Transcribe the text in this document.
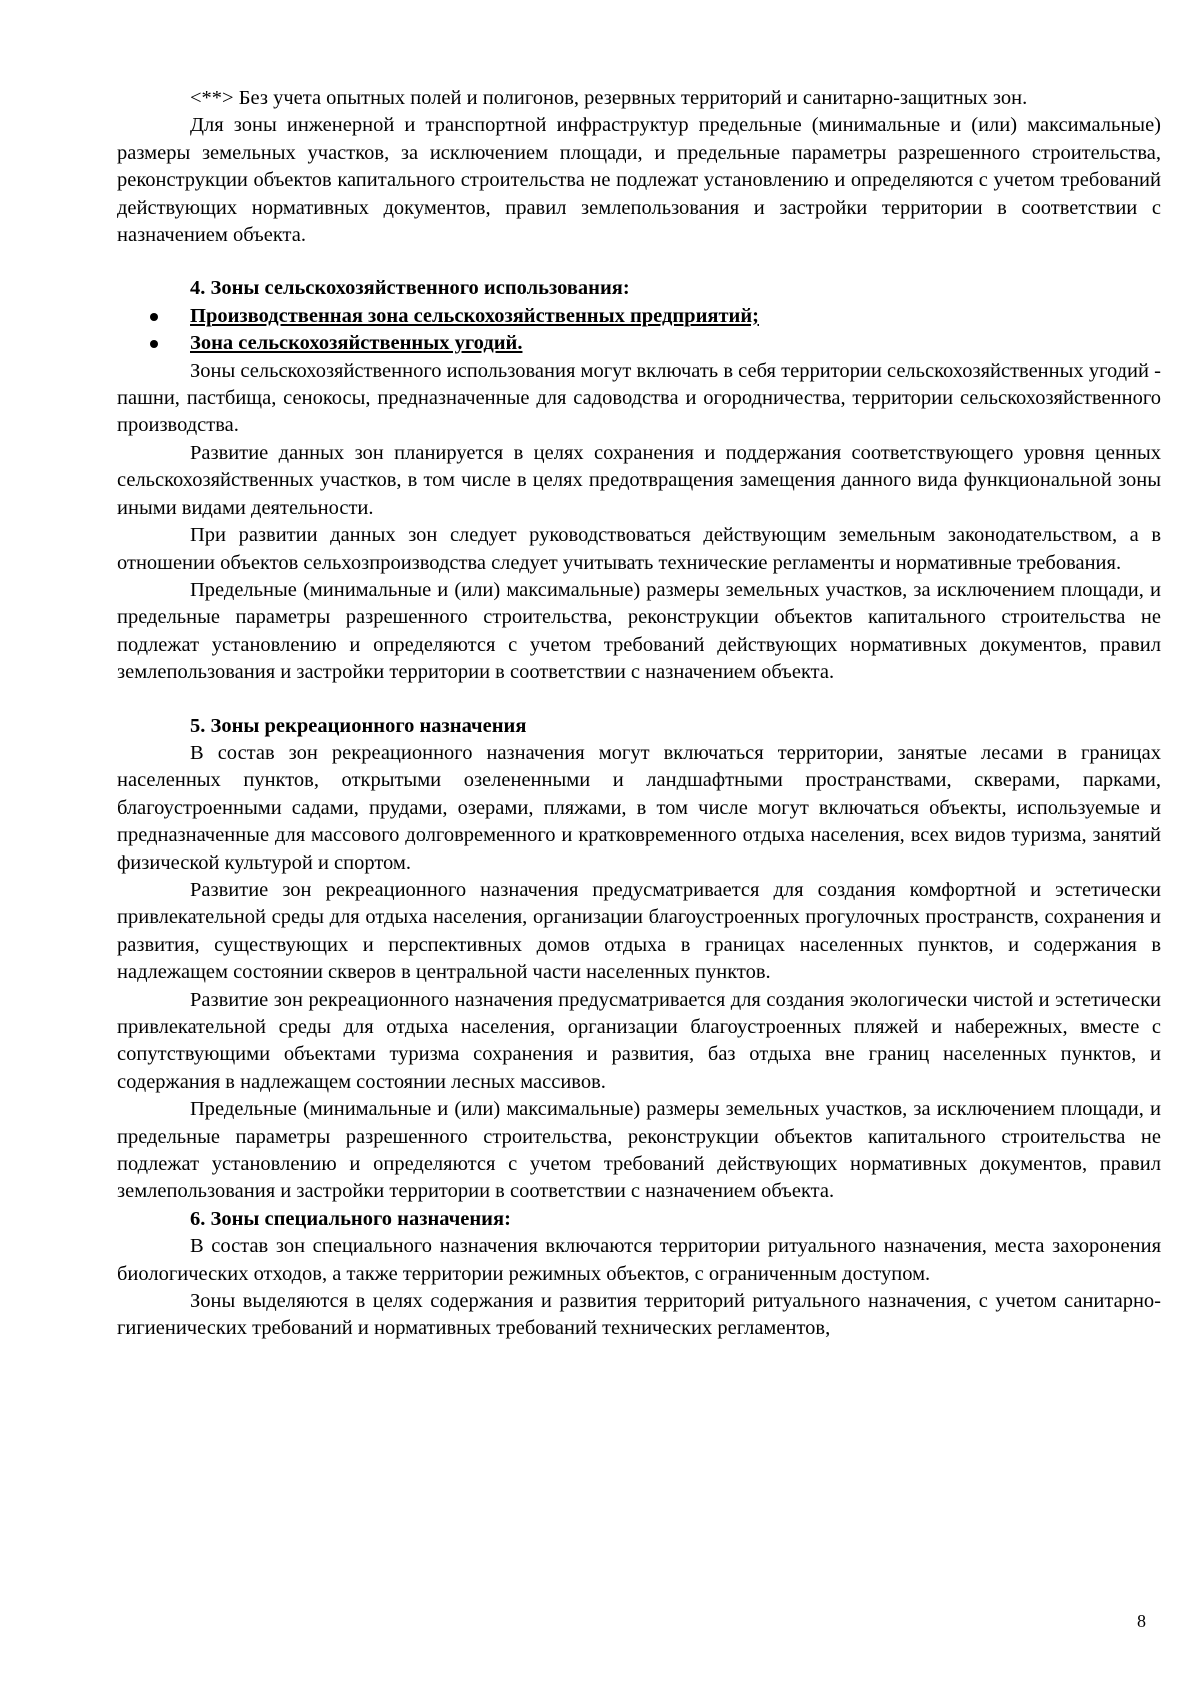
<**> Без учета опытных полей и полигонов, резервных территорий и санитарно-защитных зон.

Для зоны инженерной и транспортной инфраструктур предельные (минимальные и (или) максимальные) размеры земельных участков, за исключением площади, и предельные параметры разрешенного строительства, реконструкции объектов капитального строительства не подлежат установлению и определяются с учетом требований действующих нормативных документов, правил землепользования и застройки территории в соответствии с назначением объекта.

4. Зоны сельскохозяйственного использования:

Производственная зона сельскохозяйственных предприятий;
Зона сельскохозяйственных угодий.

Зоны сельскохозяйственного использования могут включать в себя территории сельскохозяйственных угодий - пашни, пастбища, сенокосы, предназначенные для садоводства и огородничества, территории сельскохозяйственного производства.

Развитие данных зон планируется в целях сохранения и поддержания соответствующего уровня ценных сельскохозяйственных участков, в том числе в целях предотвращения замещения данного вида функциональной зоны иными видами деятельности.

При развитии данных зон следует руководствоваться действующим земельным законодательством, а в отношении объектов сельхозпроизводства следует учитывать технические регламенты и нормативные требования.

Предельные (минимальные и (или) максимальные) размеры земельных участков, за исключением площади, и предельные параметры разрешенного строительства, реконструкции объектов капитального строительства не подлежат установлению и определяются с учетом требований действующих нормативных документов, правил землепользования и застройки территории в соответствии с назначением объекта.

5. Зоны рекреационного назначения

В состав зон рекреационного назначения могут включаться территории, занятые лесами в границах населенных пунктов, открытыми озелененными и ландшафтными пространствами, скверами, парками, благоустроенными садами, прудами, озерами, пляжами, в том числе могут включаться объекты, используемые и предназначенные для массового долговременного и кратковременного отдыха населения, всех видов туризма, занятий физической культурой и спортом.

Развитие зон рекреационного назначения предусматривается для создания комфортной и эстетически привлекательной среды для отдыха населения, организации благоустроенных прогулочных пространств, сохранения и развития, существующих и перспективных домов отдыха в границах населенных пунктов, и содержания в надлежащем состоянии скверов в центральной части населенных пунктов.

Развитие зон рекреационного назначения предусматривается для создания экологически чистой и эстетически привлекательной среды для отдыха населения, организации благоустроенных пляжей и набережных, вместе с сопутствующими объектами туризма сохранения и развития, баз отдыха вне границ населенных пунктов, и содержания в надлежащем состоянии лесных массивов.

Предельные (минимальные и (или) максимальные) размеры земельных участков, за исключением площади, и предельные параметры разрешенного строительства, реконструкции объектов капитального строительства не подлежат установлению и определяются с учетом требований действующих нормативных документов, правил землепользования и застройки территории в соответствии с назначением объекта.

6. Зоны специального назначения:

В состав зон специального назначения включаются территории ритуального назначения, места захоронения биологических отходов, а также территории режимных объектов, с ограниченным доступом.

Зоны выделяются в целях содержания и развития территорий ритуального назначения, с учетом санитарно-гигиенических требований и нормативных требований технических регламентов,

8
